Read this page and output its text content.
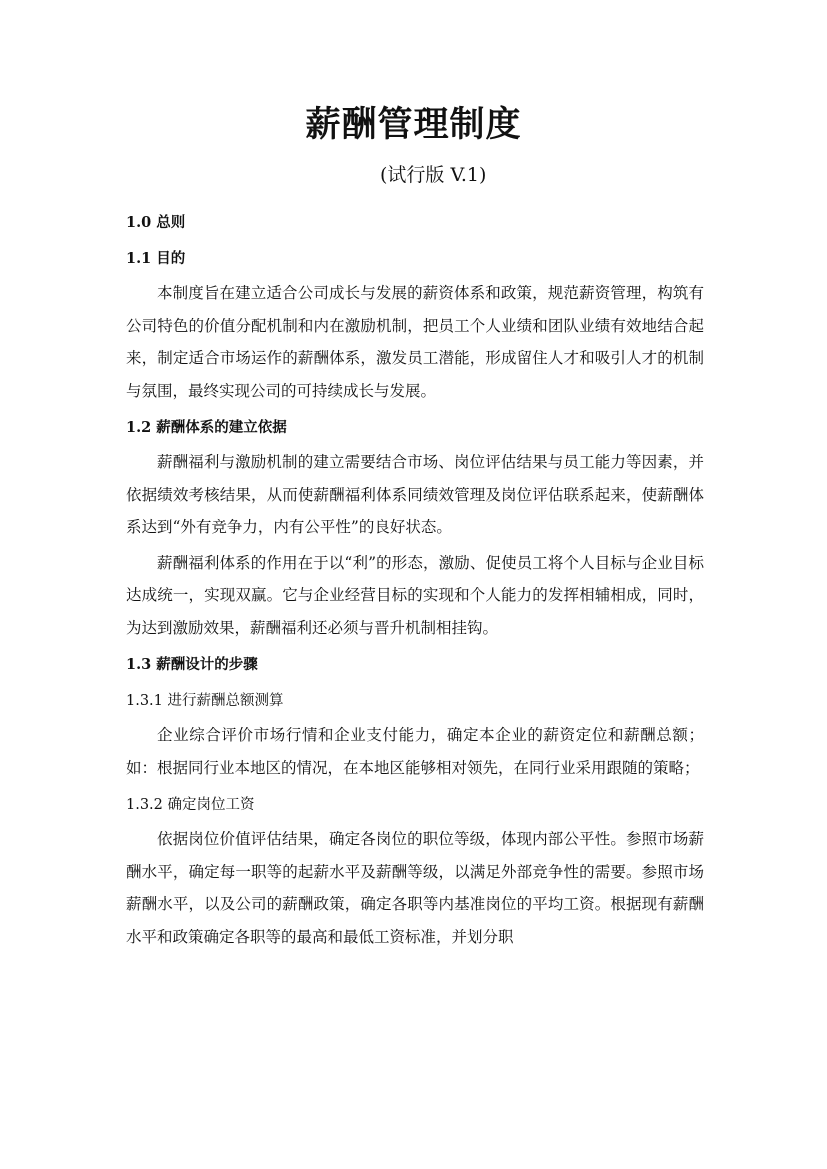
薪酬管理制度
(试行版 V.1)
1.0 总则
1.1 目的

本制度旨在建立适合公司成长与发展的薪资体系和政策，规范薪资管理，构筑有公司特色的价值分配机制和内在激励机制，把员工个人业绩和团队业绩有效地结合起来，制定适合市场运作的薪酬体系，激发员工潜能，形成留住人才和吸引人才的机制与氛围，最终实现公司的可持续成长与发展。

1.2 薪酬体系的建立依据

薪酬福利与激励机制的建立需要结合市场、岗位评估结果与员工能力等因素，并依据绩效考核结果，从而使薪酬福利体系同绩效管理及岗位评估联系起来，使薪酬体系达到“外有竞争力，内有公平性”的良好状态。

薪酬福利体系的作用在于以“利”的形态，激励、促使员工将个人目标与企业目标达成统一，实现双赢。它与企业经营目标的实现和个人能力的发挥相辅相成，同时，为达到激励效果，薪酬福利还必须与晋升机制相挂钩。

1.3 薪酬设计的步骤
1.3.1 进行薪酬总额测算

企业综合评价市场行情和企业支付能力，确定本企业的薪资定位和薪酬总额；如：根据同行业本地区的情况，在本地区能够相对领先，在同行业采用跟随的策略；

1.3.2 确定岗位工资

依据岗位价值评估结果，确定各岗位的职位等级，体现内部公平性。参照市场薪酬水平，确定每一职等的起薪水平及薪酬等级，以满足外部竞争性的需要。参照市场薪酬水平，以及公司的薪酬政策，确定各职等内基准岗位的平均工资。根据现有薪酬水平和政策确定各职等的最高和最低工资标准，并划分职
